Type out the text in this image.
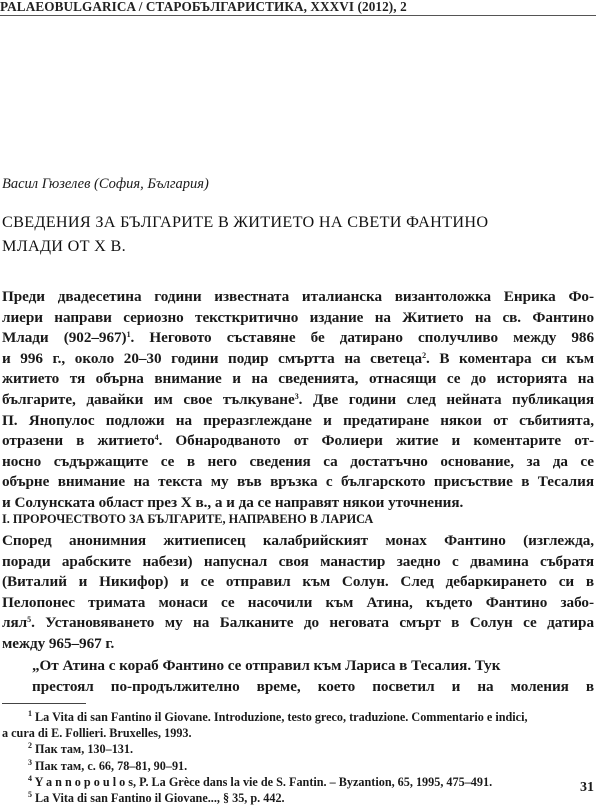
PALAEOBULGARICA / СТАРОБЪЛГАРИСТИКА, XXXVI (2012), 2
Васил Гюзелев (София, България)
СВЕДЕНИЯ ЗА БЪЛГАРИТЕ В ЖИТИЕТО НА СВЕТИ ФАНТИНО
МЛАДИ ОТ X В.
Преди двадесетина години известната италианска византоложка Енрика Фо-
лиери направи сериозно тексткритично издание на Житието на св. Фантино
Млади $(902-967)^1$. Неговото съставяне бе датирано сполучливо между 986
и 996 г., около 20–30 години подир смъртта на светеца$^2$. В коментара си към
житието тя обърна внимание и на сведенията, отнасящи се до историята на
българите, давайки им свое тълкуване$^3$. Две години след нейната публикация
П. Янопулос подложи на преразглеждане и предатиране някои от събитията,
отразени в житието$^4$. Обнародваното от Фолиери житие и коментарите от-
носно съдържащите се в него сведения са достатъчно основание, за да се
обърне внимание на текста му във връзка с българското присъствие в Тесалия
и Солунската област през X в., а и да се направят някои уточнения.
I. ПРОРОЧЕСТВОТО ЗА БЪЛГАРИТЕ, НАПРАВЕНО В ЛАРИСА
Според анонимния житиеписец калабрийският монах Фантино (изглежда,
поради арабските набези) напуснал своя манастир заедно с двамина събратя
(Виталий и Никифор) и се отправил към Солун. След дебаркирането си в
Пелопонес тримата монаси се насочили към Атина, където Фантино забо-
лял$^5$. Установяването му на Балканите до неговата смърт в Солун се датира
между 965–967 г.
„От Атина с кораб Фантино се отправил към Лариса в Тесалия. Тук
престоял по-продължително време, което посветил и на моления в
$^1$ La Vita di san Fantino il Giovane. Introduzione, testo greco, traduzione. Commentario e indici,
a cura di E. Follieri. Bruxelles, 1993.
$^2$ Пак там, 130–131.
$^3$ Пак там, с. 66, 78–81, 90–91.
$^4$ Y a n n o p o u l o s, P. La Grèce dans la vie de S. Fantin. – Byzantion, 65, 1995, 475–491.
$^5$ La Vita di san Fantino il Giovane..., § 35, p. 442.
31
